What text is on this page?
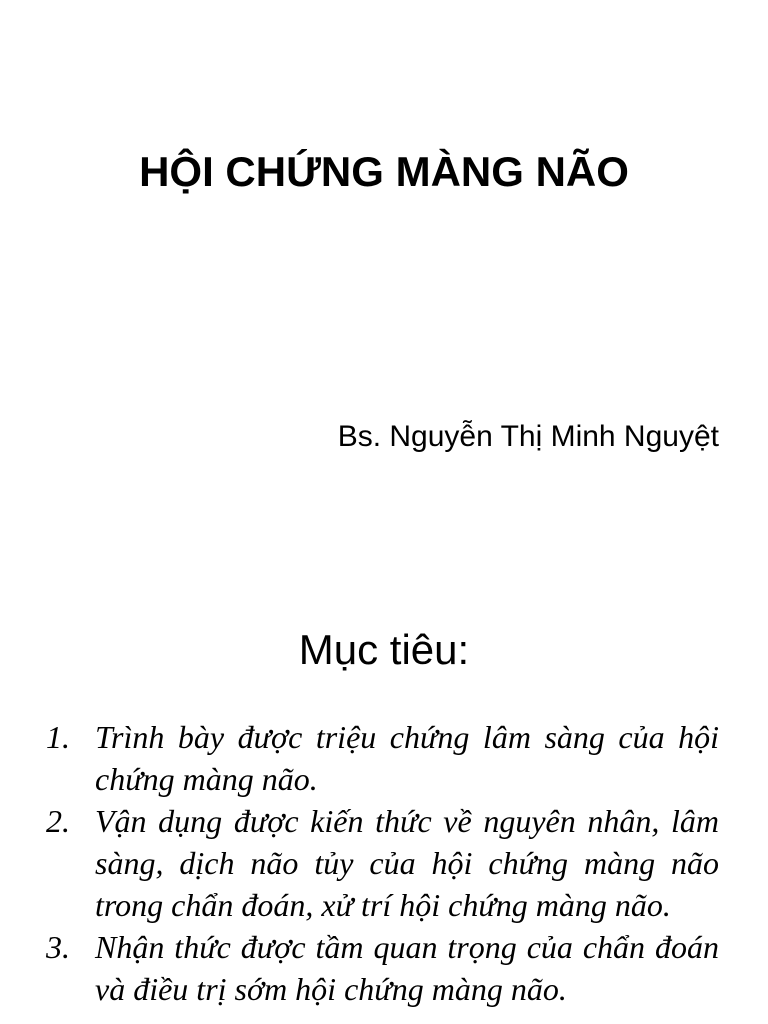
HỘI CHỨNG MÀNG NÃO
Bs. Nguyễn Thị Minh Nguyệt
Mục tiêu:
1. Trình bày được triệu chứng lâm sàng của hội chứng màng não.
2. Vận dụng được kiến thức về nguyên nhân, lâm sàng, dịch não tủy của hội chứng màng não trong chẩn đoán, xử trí hội chứng màng não.
3. Nhận thức được tầm quan trọng của chẩn đoán và điều trị sớm hội chứng màng não.
